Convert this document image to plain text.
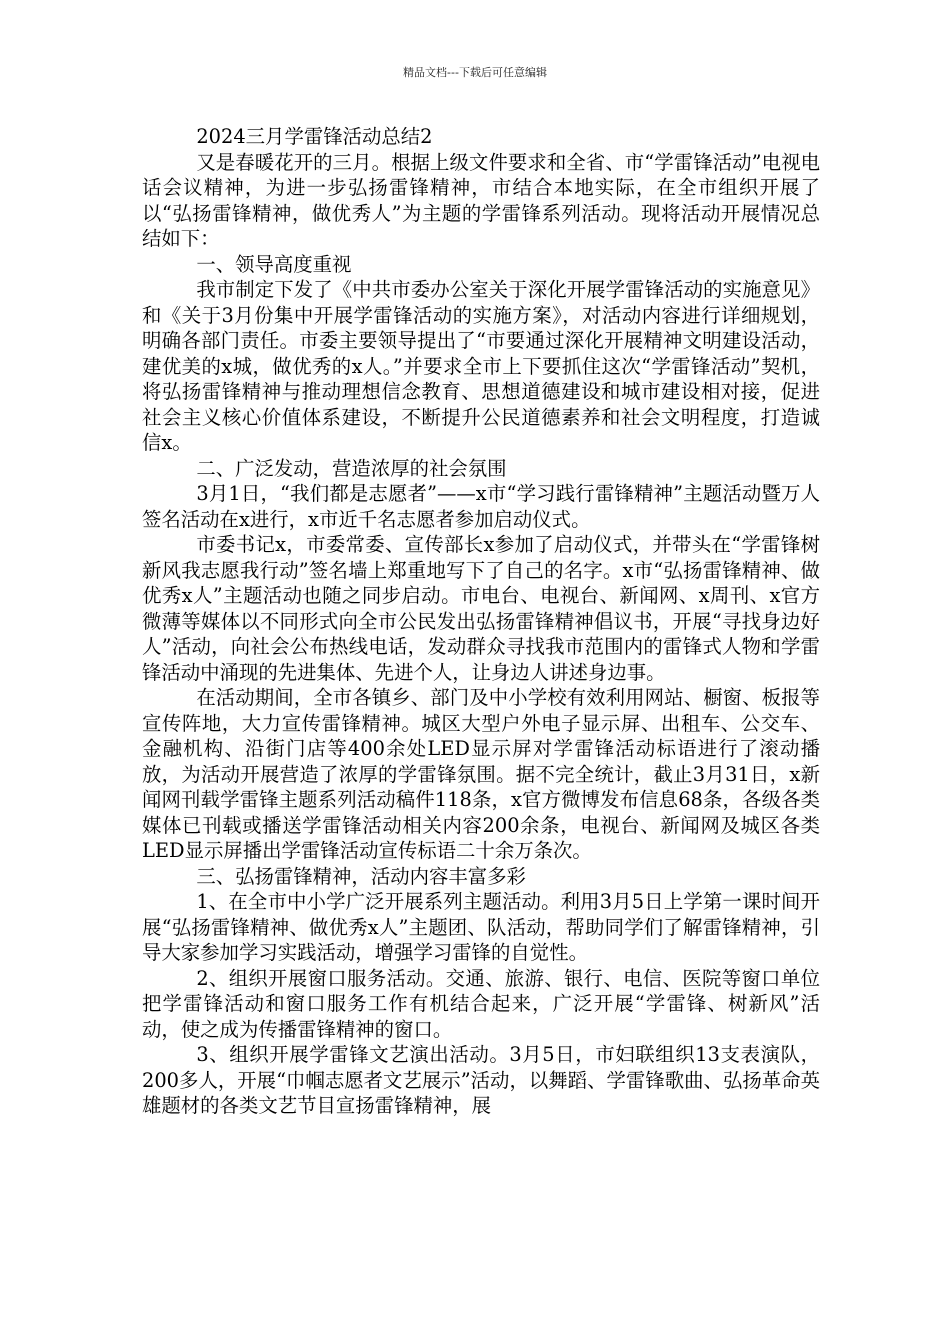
精品文档---下载后可任意编辑

2024三月学雷锋活动总结2

又是春暖花开的三月。根据上级文件要求和全省、市“学雷锋活动”电视电话会议精神，为进一步弘扬雷锋精神，市结合本地实际，在全市组织开展了以“弘扬雷锋精神，做优秀人”为主题的学雷锋系列活动。现将活动开展情况总结如下：

一、领导高度重视

我市制定下发了《中共市委办公室关于深化开展学雷锋活动的实施意见》和《关于3月份集中开展学雷锋活动的实施方案》，对活动内容进行详细规划，明确各部门责任。市委主要领导提出了“市要通过深化开展精神文明建设活动，建优美的x城，做优秀的x人。”并要求全市上下要抓住这次“学雷锋活动”契机，将弘扬雷锋精神与推动理想信念教育、思想道德建设和城市建设相对接，促进社会主义核心价值体系建设，不断提升公民道德素养和社会文明程度，打造诚信x。

二、广泛发动，营造浓厚的社会氛围

3月1日，“我们都是志愿者”——x市“学习践行雷锋精神”主题活动暨万人签名活动在x进行，x市近千名志愿者参加启动仪式。

市委书记x，市委常委、宣传部长x参加了启动仪式，并带头在“学雷锋树新风我志愿我行动”签名墙上郑重地写下了自己的名字。x市“弘扬雷锋精神、做优秀x人”主题活动也随之同步启动。市电台、电视台、新闻网、x周刊、x官方微薄等媒体以不同形式向全市公民发出弘扬雷锋精神倡议书，开展“寻找身边好人”活动，向社会公布热线电话，发动群众寻找我市范围内的雷锋式人物和学雷锋活动中涌现的先进集体、先进个人，让身边人讲述身边事。

在活动期间，全市各镇乡、部门及中小学校有效利用网站、橱窗、板报等宣传阵地，大力宣传雷锋精神。城区大型户外电子显示屏、出租车、公交车、金融机构、沿街门店等400余处LED显示屏对学雷锋活动标语进行了滚动播放，为活动开展营造了浓厚的学雷锋氛围。据不完全统计，截止3月31日，x新闻网刊载学雷锋主题系列活动稿件118条，x官方微博发布信息68条，各级各类媒体已刊载或播送学雷锋活动相关内容200余条，电视台、新闻网及城区各类LED显示屏播出学雷锋活动宣传标语二十余万条次。

三、弘扬雷锋精神，活动内容丰富多彩

1、在全市中小学广泛开展系列主题活动。利用3月5日上学第一课时间开展“弘扬雷锋精神、做优秀x人”主题团、队活动，帮助同学们了解雷锋精神，引导大家参加学习实践活动，增强学习雷锋的自觉性。

2、组织开展窗口服务活动。交通、旅游、银行、电信、医院等窗口单位把学雷锋活动和窗口服务工作有机结合起来，广泛开展“学雷锋、树新风”活动，使之成为传播雷锋精神的窗口。

3、组织开展学雷锋文艺演出活动。3月5日，市妇联组织13支表演队，200多人，开展“巾帼志愿者文艺展示”活动，以舞蹈、学雷锋歌曲、弘扬革命英雄题材的各类文艺节目宣扬雷锋精神，展
